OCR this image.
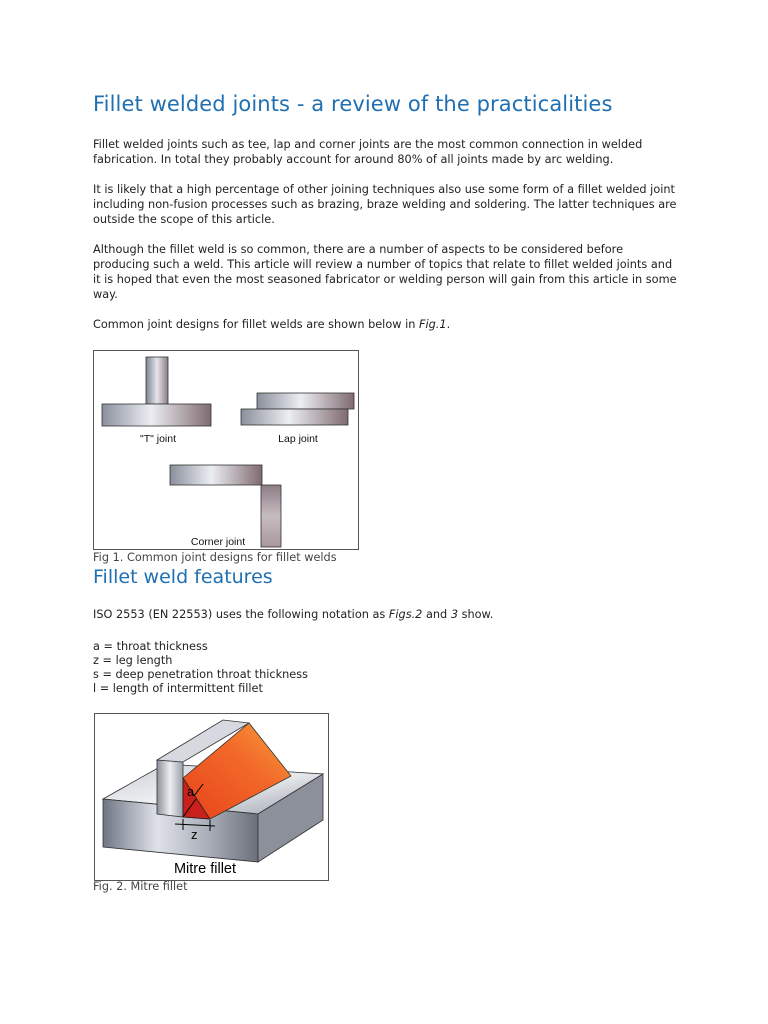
Fillet welded joints - a review of the practicalities

Fillet welded joints such as tee, lap and corner joints are the most common connection in welded fabrication. In total they probably account for around 80% of all joints made by arc welding.

It is likely that a high percentage of other joining techniques also use some form of a fillet welded joint including non-fusion processes such as brazing, braze welding and soldering. The latter techniques are outside the scope of this article.

Although the fillet weld is so common, there are a number of aspects to be considered before producing such a weld. This article will review a number of topics that relate to fillet welded joints and it is hoped that even the most seasoned fabricator or welding person will gain from this article in some way.

Common joint designs for fillet welds are shown below in Fig.1.

"T" joint	Lap joint
Corner joint
Fig 1. Common joint designs for fillet welds
Fillet weld features

ISO 2553 (EN 22553) uses the following notation as Figs.2 and 3 show.

a = throat thickness
z = leg length
s = deep penetration throat thickness
l = length of intermittent fillet
a
z
Mitre fillet
Fig. 2. Mitre fillet
